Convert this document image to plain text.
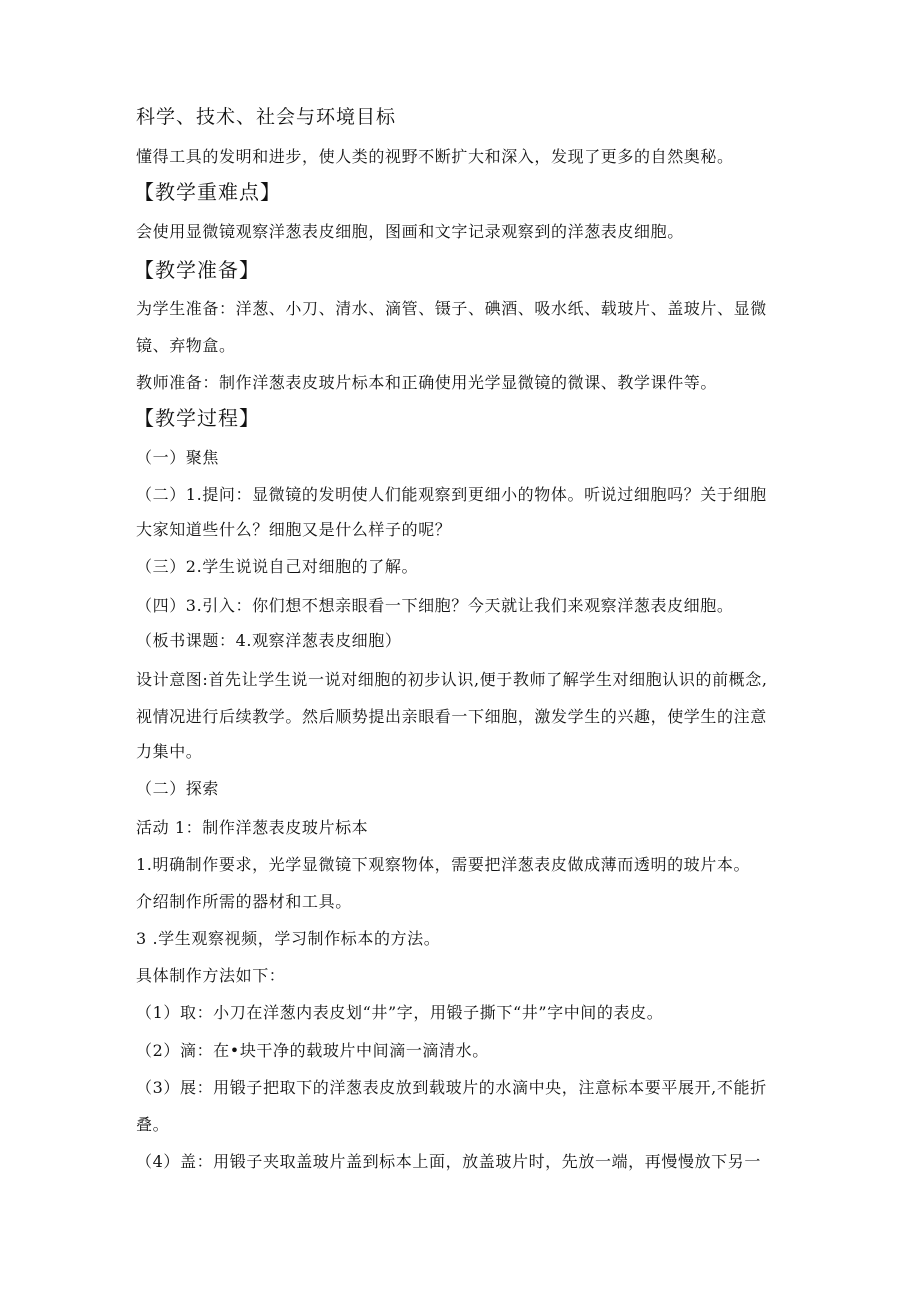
科学、技术、社会与环境目标
懂得工具的发明和进步，使人类的视野不断扩大和深入，发现了更多的自然奥秘。
【教学重难点】
会使用显微镜观察洋葱表皮细胞，图画和文字记录观察到的洋葱表皮细胞。
【教学准备】
为学生准备：洋葱、小刀、清水、滴管、镊子、碘酒、吸水纸、载玻片、盖玻片、显微
镜、弃物盒。
教师准备：制作洋葱表皮玻片标本和正确使用光学显微镜的微课、教学课件等。
【教学过程】
（一）聚焦
（二）1.提问：显微镜的发明使人们能观察到更细小的物体。听说过细胞吗？关于细胞
大家知道些什么？细胞又是什么样子的呢？
（三）2.学生说说自己对细胞的了解。
（四）3.引入：你们想不想亲眼看一下细胞？今天就让我们来观察洋葱表皮细胞。
（板书课题：4.观察洋葱表皮细胞）
设计意图:首先让学生说一说对细胞的初步认识,便于教师了解学生对细胞认识的前概念,
视情况进行后续教学。然后顺势提出亲眼看一下细胞，激发学生的兴趣，使学生的注意
力集中。
（二）探索
活动 1：制作洋葱表皮玻片标本
1.明确制作要求，光学显微镜下观察物体，需要把洋葱表皮做成薄而透明的玻片本。
介绍制作所需的器材和工具。
3 .学生观察视频，学习制作标本的方法。
具体制作方法如下：
（1）取：小刀在洋葱内表皮划“井”字，用锻子撕下“井”字中间的表皮。
（2）滴：在•块干净的载玻片中间滴一滴清水。
（3）展：用锻子把取下的洋葱表皮放到载玻片的水滴中央，注意标本要平展开,不能折
叠。
（4）盖：用锻子夹取盖玻片盖到标本上面，放盖玻片时，先放一端，再慢慢放下另一
